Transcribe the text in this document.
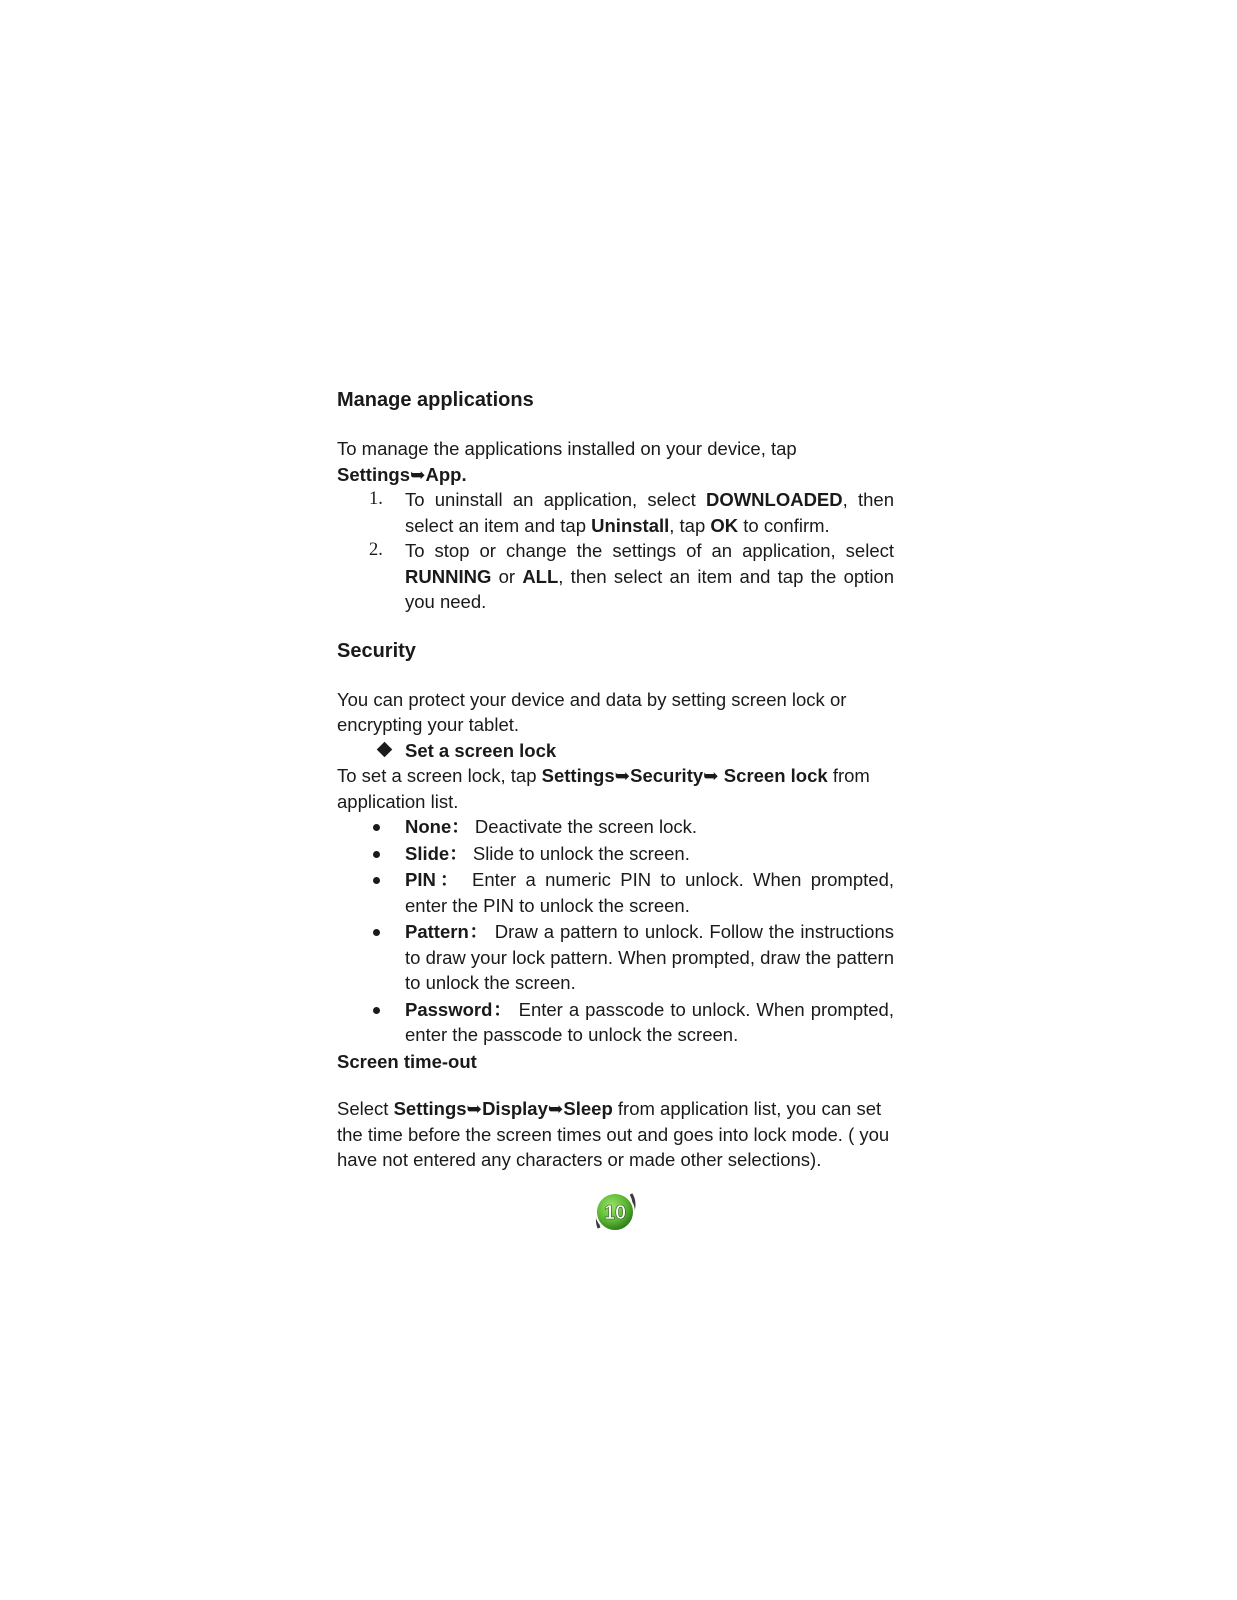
Manage applications

To manage the applications installed on your device, tap
Settings➥App.

1. To uninstall an application, select DOWNLOADED, then select an item and tap Uninstall, tap OK to confirm.
2. To stop or change the settings of an application, select RUNNING or ALL, then select an item and tap the option you need.
Security

You can protect your device and data by setting screen lock or encrypting your tablet.

Set a screen lock

To set a screen lock, tap Settings➥Security➥ Screen lock from application list.

None： Deactivate the screen lock.
Slide： Slide to unlock the screen.
PIN： Enter a numeric PIN to unlock. When prompted, enter the PIN to unlock the screen.
Pattern： Draw a pattern to unlock. Follow the instructions to draw your lock pattern. When prompted, draw the pattern to unlock the screen.
Password： Enter a passcode to unlock. When prompted, enter the passcode to unlock the screen.

Screen time-out

Select Settings➥Display➥Sleep from application list, you can set the time before the screen times out and goes into lock mode. ( you have not entered any characters or made other selections).

10
